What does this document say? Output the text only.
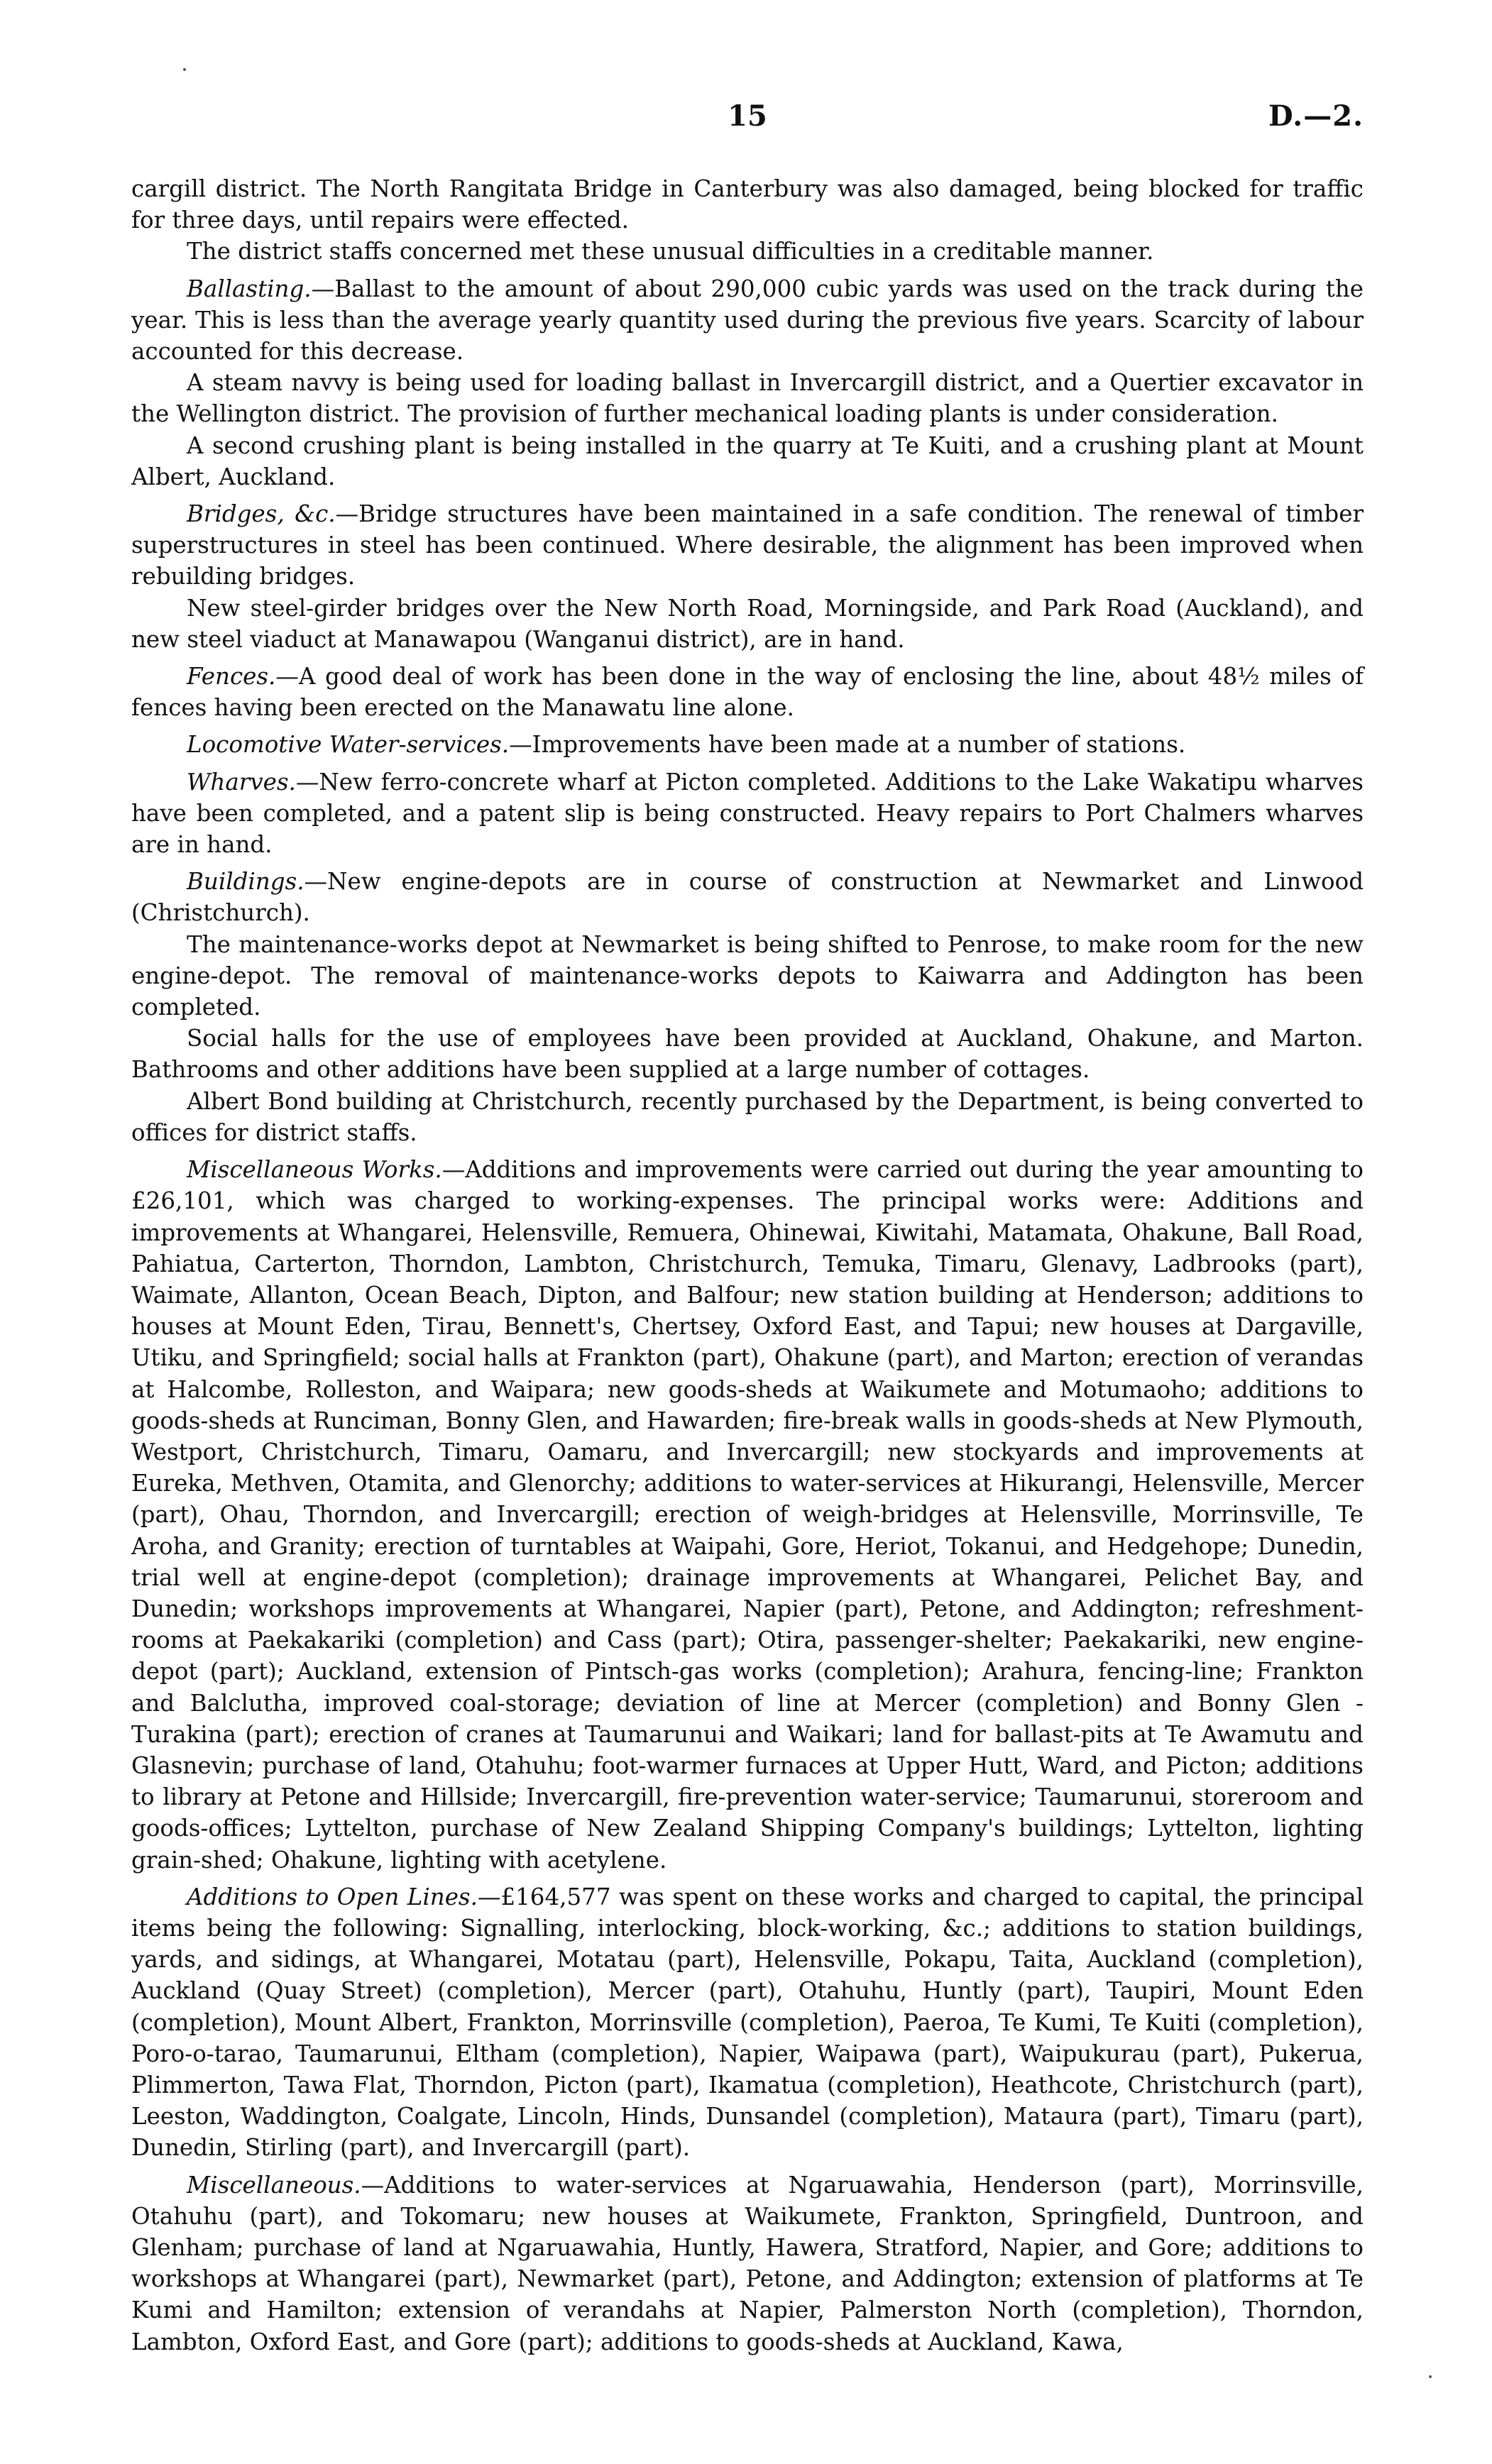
15	D.—2.

cargill district. The North Rangitata Bridge in Canterbury was also damaged, being blocked for traffic for three days, until repairs were effected.

The district staffs concerned met these unusual difficulties in a creditable manner.

Ballasting.—Ballast to the amount of about 290,000 cubic yards was used on the track during the year. This is less than the average yearly quantity used during the previous five years. Scarcity of labour accounted for this decrease.

A steam navvy is being used for loading ballast in Invercargill district, and a Quertier excavator in the Wellington district. The provision of further mechanical loading plants is under consideration.

A second crushing plant is being installed in the quarry at Te Kuiti, and a crushing plant at Mount Albert, Auckland.

Bridges, &c.—Bridge structures have been maintained in a safe condition. The renewal of timber superstructures in steel has been continued. Where desirable, the alignment has been improved when rebuilding bridges.

New steel-girder bridges over the New North Road, Morningside, and Park Road (Auckland), and new steel viaduct at Manawapou (Wanganui district), are in hand.

Fences.—A good deal of work has been done in the way of enclosing the line, about 48½ miles of fences having been erected on the Manawatu line alone.

Locomotive Water-services.—Improvements have been made at a number of stations.

Wharves.—New ferro-concrete wharf at Picton completed. Additions to the Lake Wakatipu wharves have been completed, and a patent slip is being constructed. Heavy repairs to Port Chalmers wharves are in hand.

Buildings.—New engine-depots are in course of construction at Newmarket and Linwood (Christchurch).

The maintenance-works depot at Newmarket is being shifted to Penrose, to make room for the new engine-depot. The removal of maintenance-works depots to Kaiwarra and Addington has been completed.

Social halls for the use of employees have been provided at Auckland, Ohakune, and Marton. Bathrooms and other additions have been supplied at a large number of cottages.

Albert Bond building at Christchurch, recently purchased by the Department, is being converted to offices for district staffs.

Miscellaneous Works.—Additions and improvements were carried out during the year amounting to £26,101, which was charged to working-expenses. The principal works were: Additions and improvements at Whangarei, Helensville, Remuera, Ohinewai, Kiwitahi, Matamata, Ohakune, Ball Road, Pahiatua, Carterton, Thorndon, Lambton, Christchurch, Temuka, Timaru, Glenavy, Ladbrooks (part), Waimate, Allanton, Ocean Beach, Dipton, and Balfour; new station building at Henderson; additions to houses at Mount Eden, Tirau, Bennett's, Chertsey, Oxford East, and Tapui; new houses at Dargaville, Utiku, and Springfield; social halls at Frankton (part), Ohakune (part), and Marton; erection of verandas at Halcombe, Rolleston, and Waipara; new goods-sheds at Waikumete and Motumaoho; additions to goods-sheds at Runciman, Bonny Glen, and Hawarden; fire-break walls in goods-sheds at New Plymouth, Westport, Christchurch, Timaru, Oamaru, and Invercargill; new stockyards and improvements at Eureka, Methven, Otamita, and Glenorchy; additions to water-services at Hikurangi, Helensville, Mercer (part), Ohau, Thorndon, and Invercargill; erection of weigh-bridges at Helensville, Morrinsville, Te Aroha, and Granity; erection of turntables at Waipahi, Gore, Heriot, Tokanui, and Hedgehope; Dunedin, trial well at engine-depot (completion); drainage improvements at Whangarei, Pelichet Bay, and Dunedin; workshops improvements at Whangarei, Napier (part), Petone, and Addington; refreshment-rooms at Paekakariki (completion) and Cass (part); Otira, passenger-shelter; Paekakariki, new engine-depot (part); Auckland, extension of Pintsch-gas works (completion); Arahura, fencing-line; Frankton and Balclutha, improved coal-storage; deviation of line at Mercer (completion) and Bonny Glen - Turakina (part); erection of cranes at Taumarunui and Waikari; land for ballast-pits at Te Awamutu and Glasnevin; purchase of land, Otahuhu; foot-warmer furnaces at Upper Hutt, Ward, and Picton; additions to library at Petone and Hillside; Invercargill, fire-prevention water-service; Taumarunui, storeroom and goods-offices; Lyttelton, purchase of New Zealand Shipping Company's buildings; Lyttelton, lighting grain-shed; Ohakune, lighting with acetylene.

Additions to Open Lines.—£164,577 was spent on these works and charged to capital, the principal items being the following: Signalling, interlocking, block-working, &c.; additions to station buildings, yards, and sidings, at Whangarei, Motatau (part), Helensville, Pokapu, Taita, Auckland (completion), Auckland (Quay Street) (completion), Mercer (part), Otahuhu, Huntly (part), Taupiri, Mount Eden (completion), Mount Albert, Frankton, Morrinsville (completion), Paeroa, Te Kumi, Te Kuiti (completion), Poro-o-tarao, Taumarunui, Eltham (completion), Napier, Waipawa (part), Waipukurau (part), Pukerua, Plimmerton, Tawa Flat, Thorndon, Picton (part), Ikamatua (completion), Heathcote, Christchurch (part), Leeston, Waddington, Coalgate, Lincoln, Hinds, Dunsandel (completion), Mataura (part), Timaru (part), Dunedin, Stirling (part), and Invercargill (part).

Miscellaneous.—Additions to water-services at Ngaruawahia, Henderson (part), Morrinsville, Otahuhu (part), and Tokomaru; new houses at Waikumete, Frankton, Springfield, Duntroon, and Glenham; purchase of land at Ngaruawahia, Huntly, Hawera, Stratford, Napier, and Gore; additions to workshops at Whangarei (part), Newmarket (part), Petone, and Addington; extension of platforms at Te Kumi and Hamilton; extension of verandahs at Napier, Palmerston North (completion), Thorndon, Lambton, Oxford East, and Gore (part); additions to goods-sheds at Auckland, Kawa,
